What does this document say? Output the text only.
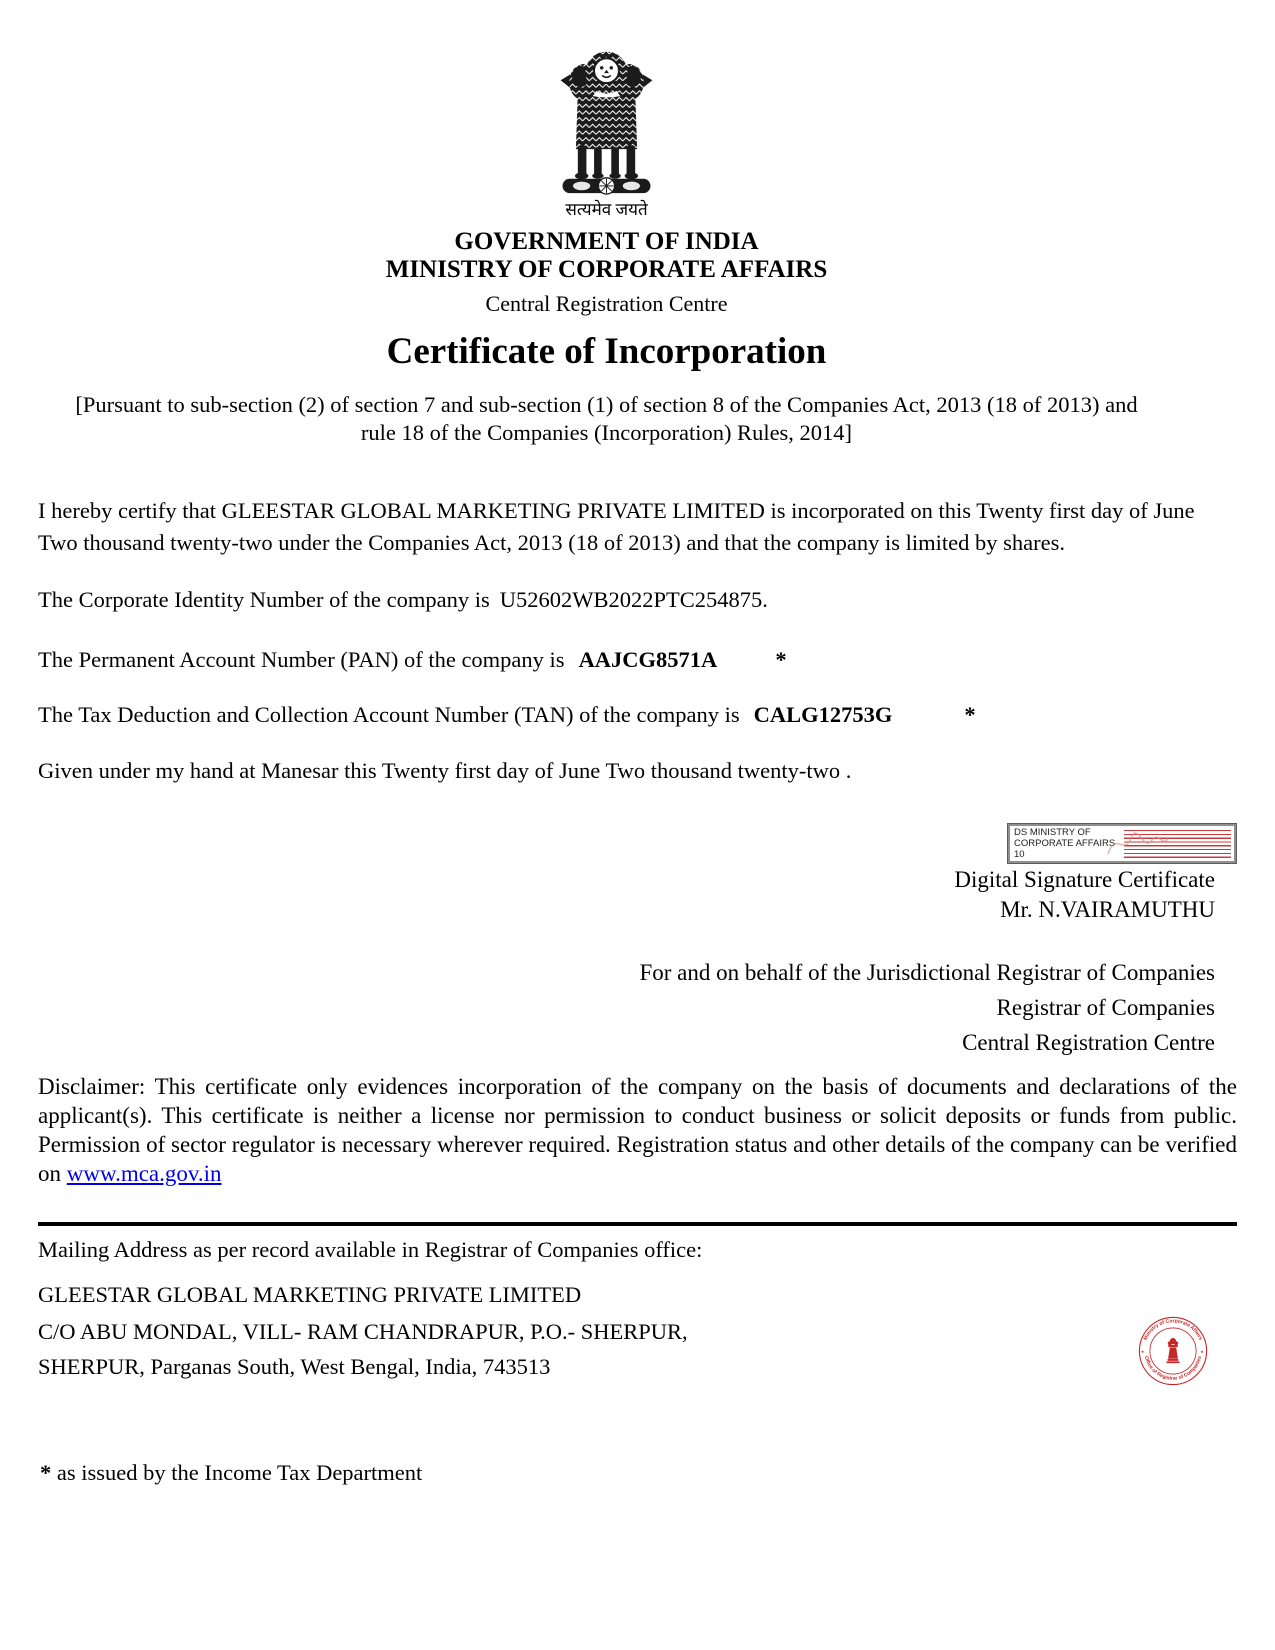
सत्यमेव जयते
GOVERNMENT OF INDIA
MINISTRY OF CORPORATE AFFAIRS
Central Registration Centre
Certificate of Incorporation
[Pursuant to sub-section (2) of section 7 and sub-section (1) of section 8 of the Companies Act, 2013 (18 of 2013) and
rule 18 of the Companies (Incorporation) Rules, 2014]

I hereby certify that GLEESTAR GLOBAL MARKETING PRIVATE LIMITED is incorporated on this Twenty first day of June Two thousand twenty-two under the Companies Act, 2013 (18 of 2013) and that the company is limited by shares.

The Corporate Identity Number of the company is U52602WB2022PTC254875.

The Permanent Account Number (PAN) of the company is AAJCG8571A	*

The Tax Deduction and Collection Account Number (TAN) of the company is CALG12753G	*

Given under my hand at Manesar this Twenty first day of June Two thousand twenty-two .

Digital Signature Certificate
Mr. N.VAIRAMUTHU
For and on behalf of the Jurisdictional Registrar of Companies
Registrar of Companies
Central Registration Centre

Disclaimer: This certificate only evidences incorporation of the company on the basis of documents and declarations of the applicant(s). This certificate is neither a license nor permission to conduct business or solicit deposits or funds from public. Permission of sector regulator is necessary wherever required. Registration status and other details of the company can be verified on www.mca.gov.in

Mailing Address as per record available in Registrar of Companies office:
GLEESTAR GLOBAL MARKETING PRIVATE LIMITED
C/O ABU MONDAL, VILL- RAM CHANDRAPUR, P.O.- SHERPUR,
SHERPUR, Parganas South, West Bengal, India, 743513
DS MINISTRY OF
CORPORATE AFFAIRS 10
Ministry of Corporate Affairs
Office of Registrar of Companies
★	★
* as issued by the Income Tax Department
